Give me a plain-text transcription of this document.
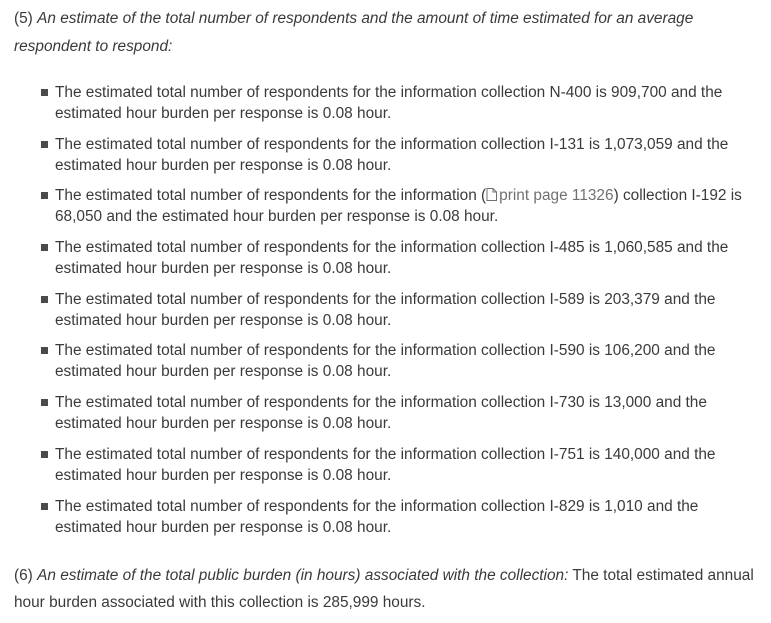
(5) An estimate of the total number of respondents and the amount of time estimated for an average respondent to respond:

The estimated total number of respondents for the information collection N-400 is 909,700 and the estimated hour burden per response is 0.08 hour.
The estimated total number of respondents for the information collection I-131 is 1,073,059 and the estimated hour burden per response is 0.08 hour.
The estimated total number of respondents for the information ( print page 11326) collection I-192 is 68,050 and the estimated hour burden per response is 0.08 hour.
The estimated total number of respondents for the information collection I-485 is 1,060,585 and the estimated hour burden per response is 0.08 hour.
The estimated total number of respondents for the information collection I-589 is 203,379 and the estimated hour burden per response is 0.08 hour.
The estimated total number of respondents for the information collection I-590 is 106,200 and the estimated hour burden per response is 0.08 hour.
The estimated total number of respondents for the information collection I-730 is 13,000 and the estimated hour burden per response is 0.08 hour.
The estimated total number of respondents for the information collection I-751 is 140,000 and the estimated hour burden per response is 0.08 hour.
The estimated total number of respondents for the information collection I-829 is 1,010 and the estimated hour burden per response is 0.08 hour.

(6) An estimate of the total public burden (in hours) associated with the collection: The total estimated annual hour burden associated with this collection is 285,999 hours.
